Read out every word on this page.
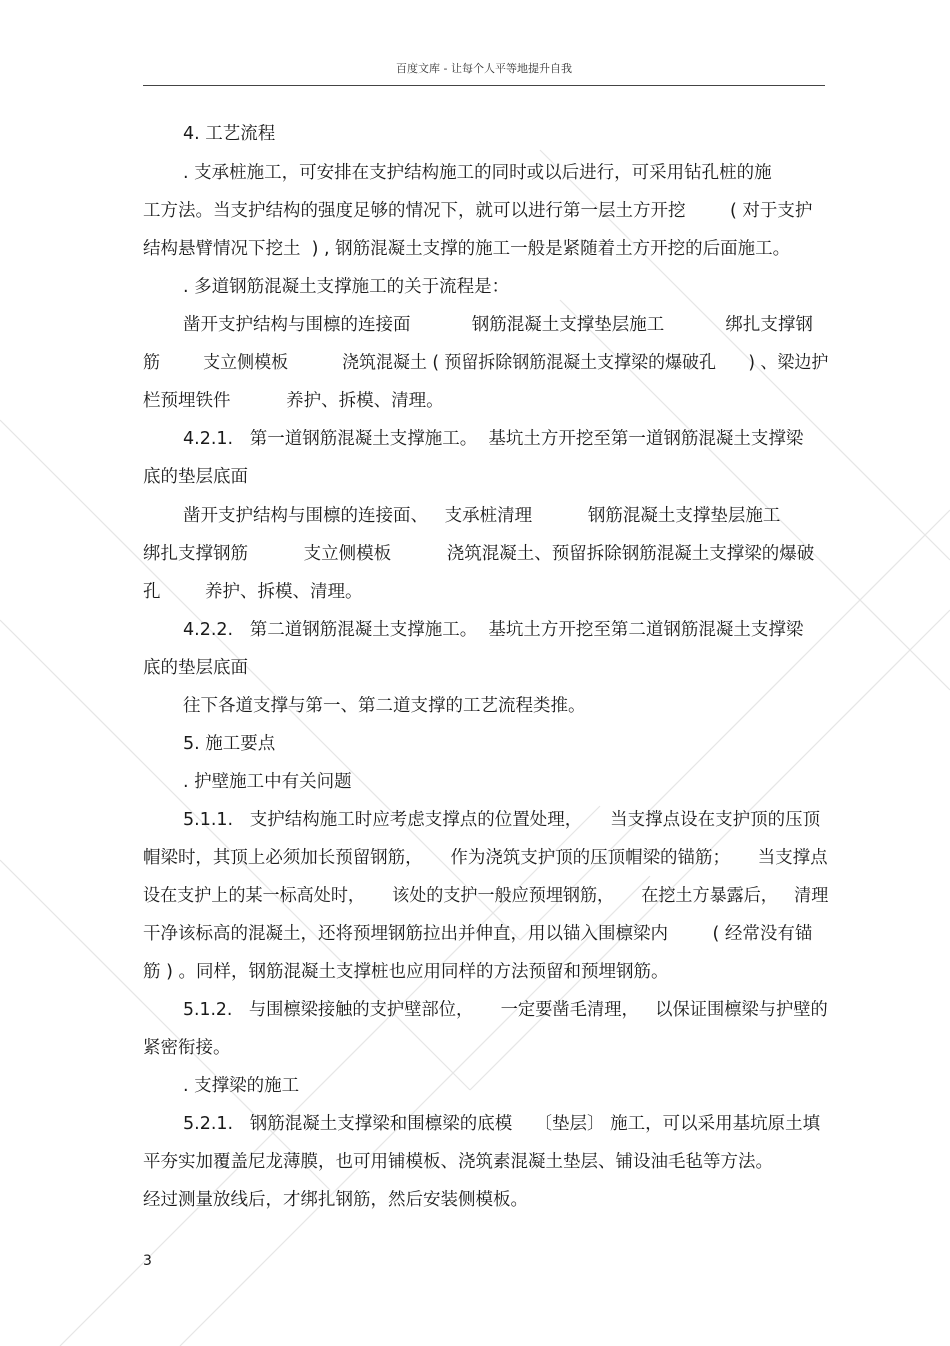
百度文库 - 让每个人平等地提升自我
4. 工艺流程
. 支承桩施工，可安排在支护结构施工的同时或以后进行，可采用钻孔桩的施
工方法。当支护结构的强度足够的情况下，就可以进行第一层土方开挖        ( 对于支护
结构悬臂情况下挖土  ) , 钢筋混凝土支撑的施工一般是紧随着土方开挖的后面施工。
. 多道钢筋混凝土支撑施工的关于流程是：
凿开支护结构与围檩的连接面           钢筋混凝土支撑垫层施工           绑扎支撑钢
筋        支立侧模板          浇筑混凝土 ( 预留拆除钢筋混凝土支撑梁的爆破孔      ) 、梁边护
栏预埋铁件          养护、拆模、清理。
4.2.1.   第一道钢筋混凝土支撑施工。  基坑土方开挖至第一道钢筋混凝土支撑梁
底的垫层底面
凿开支护结构与围檩的连接面、   支承桩清理          钢筋混凝土支撑垫层施工
绑扎支撑钢筋          支立侧模板          浇筑混凝土、预留拆除钢筋混凝土支撑梁的爆破
孔        养护、拆模、清理。
4.2.2.   第二道钢筋混凝土支撑施工。  基坑土方开挖至第二道钢筋混凝土支撑梁
底的垫层底面
往下各道支撑与第一、第二道支撑的工艺流程类推。
5. 施工要点
. 护壁施工中有关问题
5.1.1.   支护结构施工时应考虑支撑点的位置处理，     当支撑点设在支护顶的压顶
帽梁时，其顶上必须加长预留钢筋，     作为浇筑支护顶的压顶帽梁的锚筋；     当支撑点
设在支护上的某一标高处时，     该处的支护一般应预埋钢筋，     在挖土方暴露后，   清理
干净该标高的混凝土，还将预埋钢筋拉出并伸直，用以锚入围檩梁内        ( 经常没有锚
筋 ) 。同样，钢筋混凝土支撑桩也应用同样的方法预留和预埋钢筋。
5.1.2.   与围檩梁接触的支护壁部位，     一定要凿毛清理，   以保证围檩梁与护壁的
紧密衔接。
. 支撑梁的施工
5.2.1.   钢筋混凝土支撑梁和围檩梁的底模    〔垫层〕 施工，可以采用基坑原土填
平夯实加覆盖尼龙薄膜，也可用铺模板、浇筑素混凝土垫层、铺设油毛毡等方法。
经过测量放线后，才绑扎钢筋，然后安装侧模板。
3
